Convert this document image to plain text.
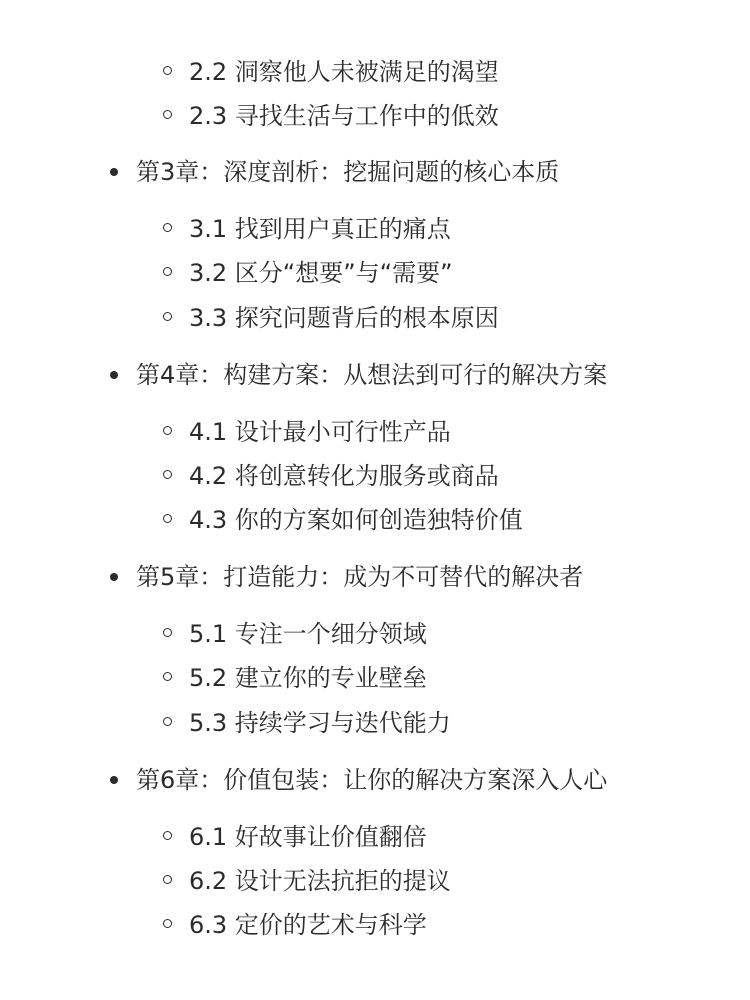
2.2 洞察他人未被满足的渴望
2.3 寻找生活与工作中的低效
第3章：深度剖析：挖掘问题的核心本质
3.1 找到用户真正的痛点
3.2 区分“想要”与“需要”
3.3 探究问题背后的根本原因
第4章：构建方案：从想法到可行的解决方案
4.1 设计最小可行性产品
4.2 将创意转化为服务或商品
4.3 你的方案如何创造独特价值
第5章：打造能力：成为不可替代的解决者
5.1 专注一个细分领域
5.2 建立你的专业壁垒
5.3 持续学习与迭代能力
第6章：价值包装：让你的解决方案深入人心
6.1 好故事让价值翻倍
6.2 设计无法抗拒的提议
6.3 定价的艺术与科学
